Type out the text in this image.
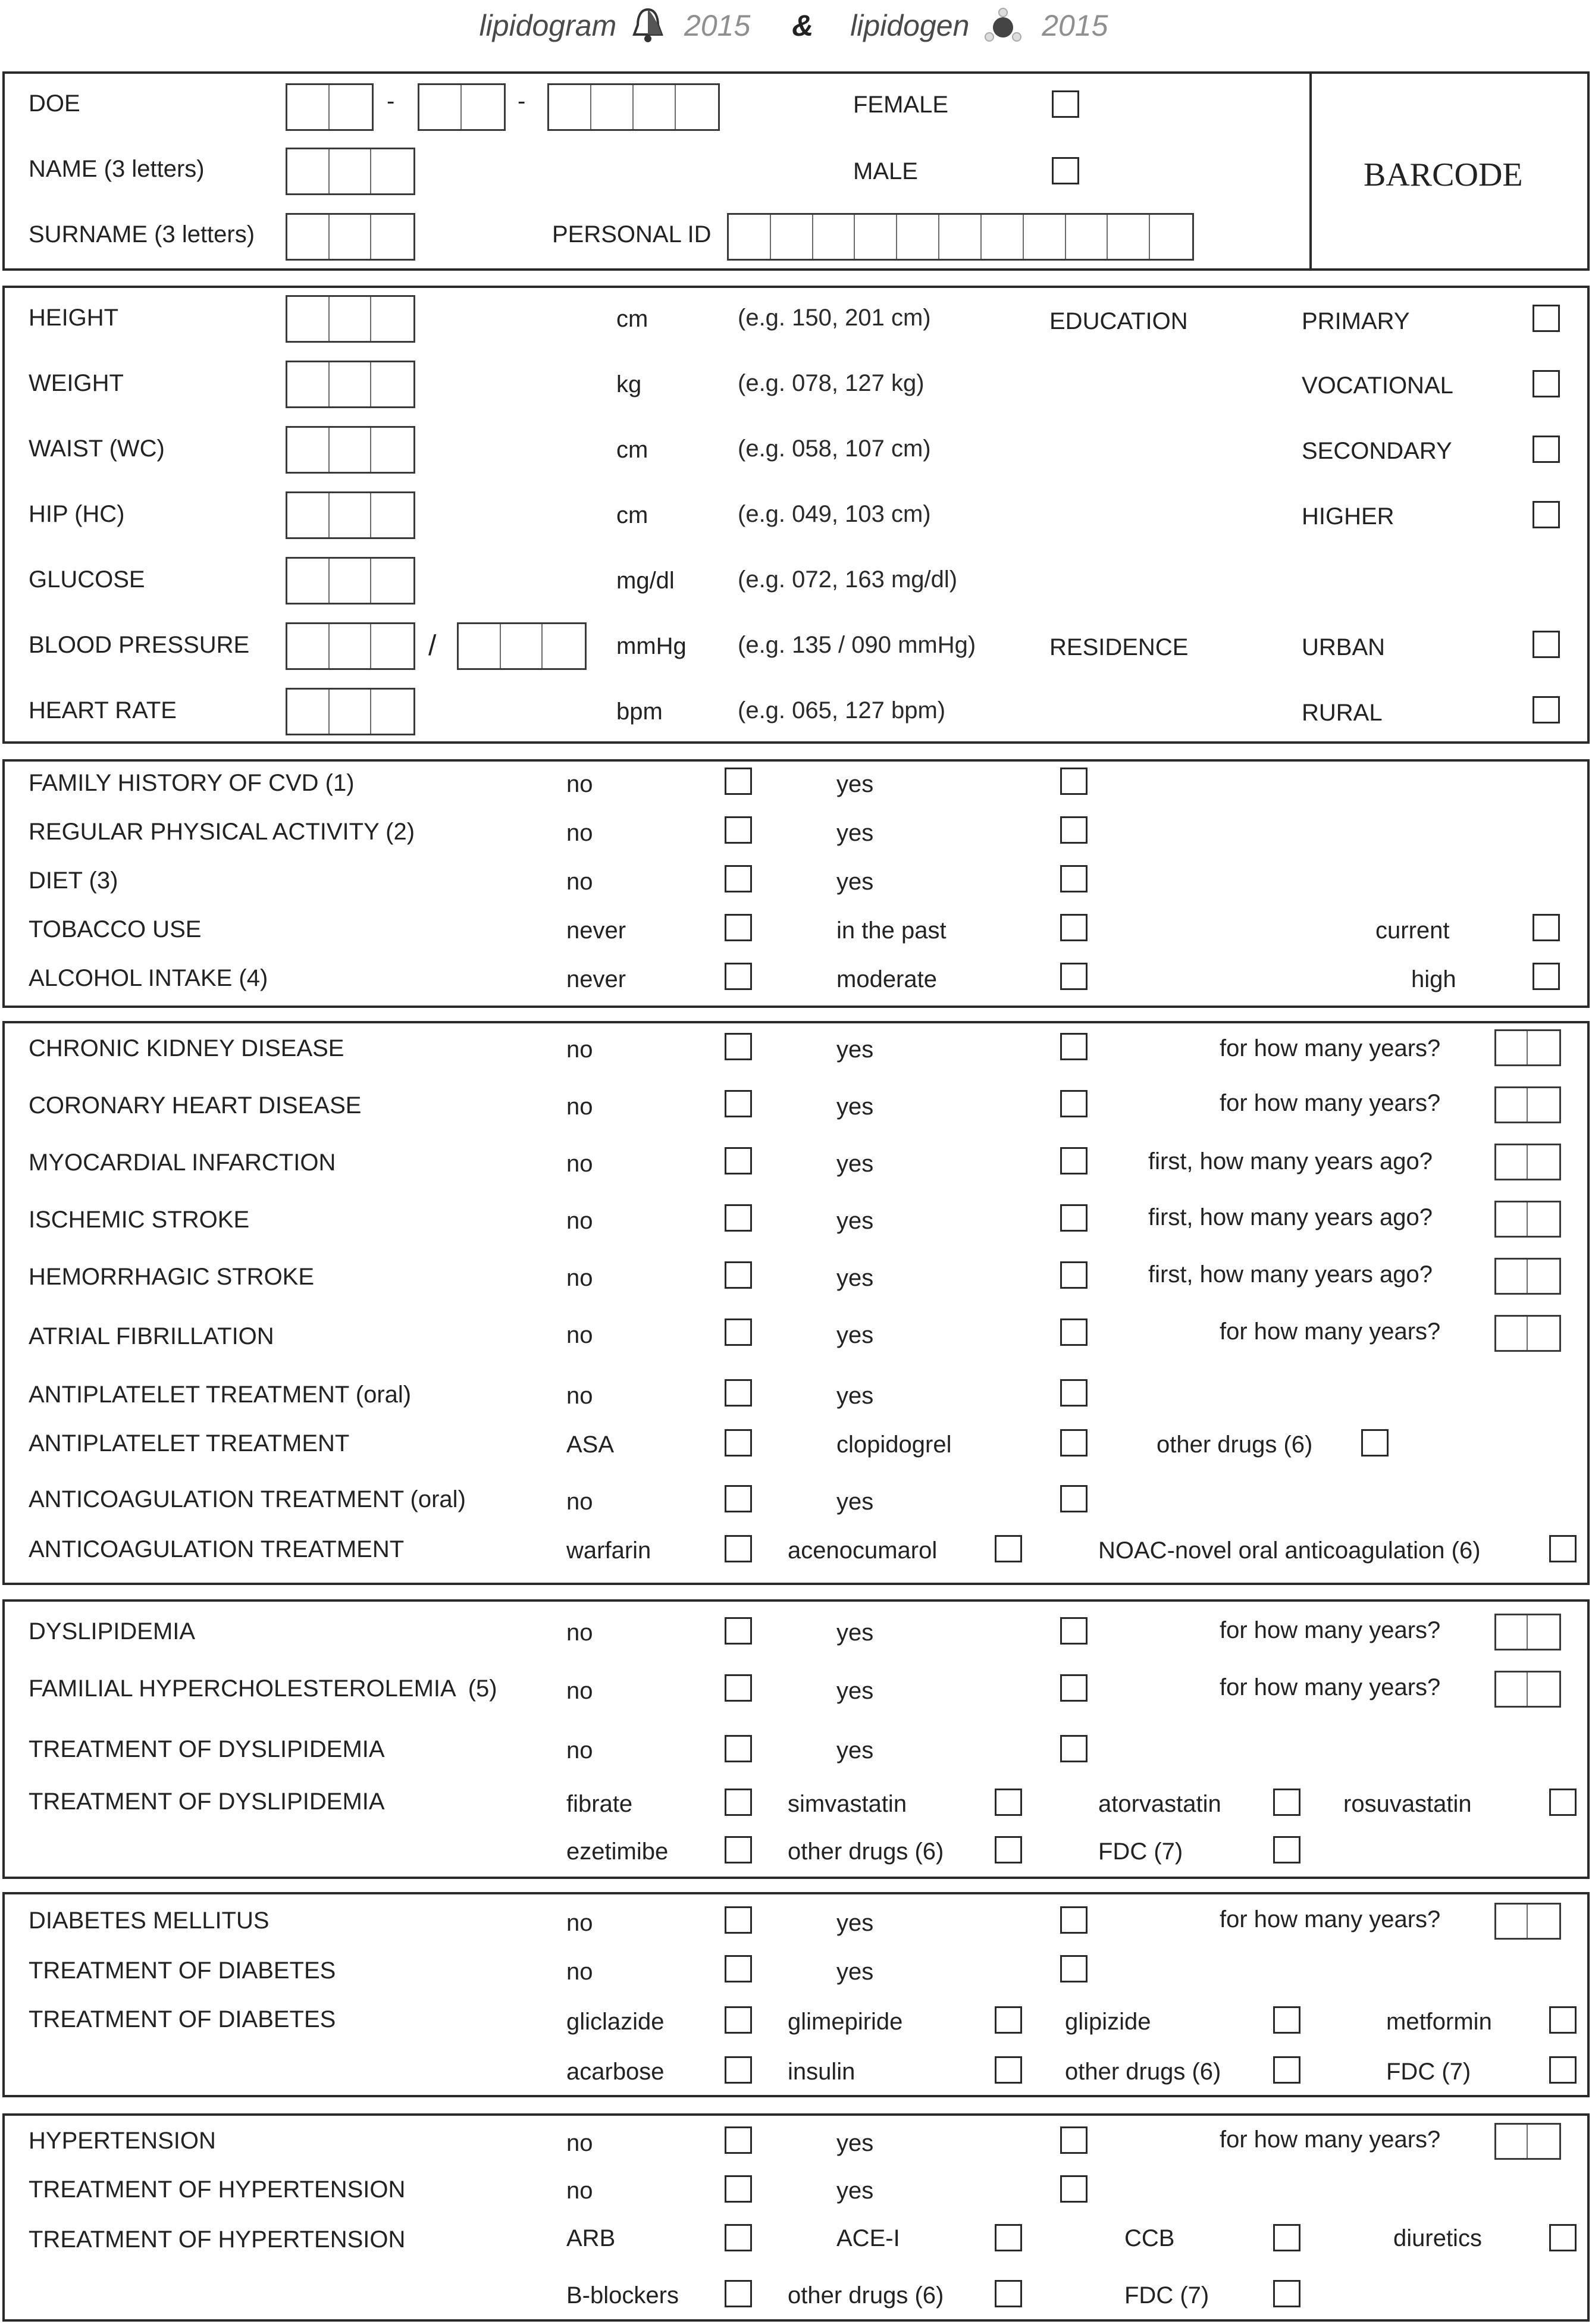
lipidogram 2015 & lipidogen 2015
BARCODE
DOE	-	-
NAME (3 letters)
SURNAME (3 letters)	PERSONAL ID
FEMALE
MALE
HEIGHT	cm	(e.g. 150, 201 cm)
WEIGHT	kg	(e.g. 078, 127 kg)
WAIST (WC)	cm	(e.g. 058, 107 cm)
HIP (HC)	cm	(e.g. 049, 103 cm)
GLUCOSE	mg/dl	(e.g. 072, 163 mg/dl)
BLOOD PRESSURE	/	mmHg (e.g. 135 / 090 mmHg)
HEART RATE	bpm	(e.g. 065, 127 bpm)
EDUCATION	PRIMARY
VOCATIONAL
SECONDARY
HIGHER
RESIDENCE	URBAN
RURAL
FAMILY HISTORY OF CVD (1)	no	yes
REGULAR PHYSICAL ACTIVITY (2)	no	yes
DIET (3)	no	yes
TOBACCO USE	never	in the past	current
ALCOHOL INTAKE (4)	never	moderate	high
CHRONIC KIDNEY DISEASE	no	yes	for how many years?
CORONARY HEART DISEASE	no	yes	for how many years?
MYOCARDIAL INFARCTION	no	yes	first, how many years ago?
ISCHEMIC STROKE	no	yes	first, how many years ago?
HEMORRHAGIC STROKE	no	yes	first, how many years ago?
ATRIAL FIBRILLATION	no	yes	for how many years?
ANTIPLATELET TREATMENT (oral)	no	yes
ANTIPLATELET TREATMENT	ASA	clopidogrel	other drugs (6)
ANTICOAGULATION TREATMENT (oral)	no	yes
ANTICOAGULATION TREATMENT	warfarin	acenocumarol	NOAC-novel oral anticoagulation (6)
DYSLIPIDEMIA	no	yes	for how many years?
FAMILIAL HYPERCHOLESTEROLEMIA  (5)	no	yes	for how many years?
TREATMENT OF DYSLIPIDEMIA	no	yes
TREATMENT OF DYSLIPIDEMIA	fibrate	simvastatin	atorvastatin	rosuvastatin
ezetimibe	other drugs (6)	FDC (7)
DIABETES MELLITUS	no	yes	for how many years?
TREATMENT OF DIABETES	no	yes
TREATMENT OF DIABETES	gliclazide	glimepiride	glipizide	metformin
acarbose	insulin	other drugs (6)	FDC (7)
HYPERTENSION	no	yes	for how many years?
TREATMENT OF HYPERTENSION	no	yes
TREATMENT OF HYPERTENSION	ARB	ACE-I	CCB	diuretics
B-blockers	other drugs (6)	FDC (7)
